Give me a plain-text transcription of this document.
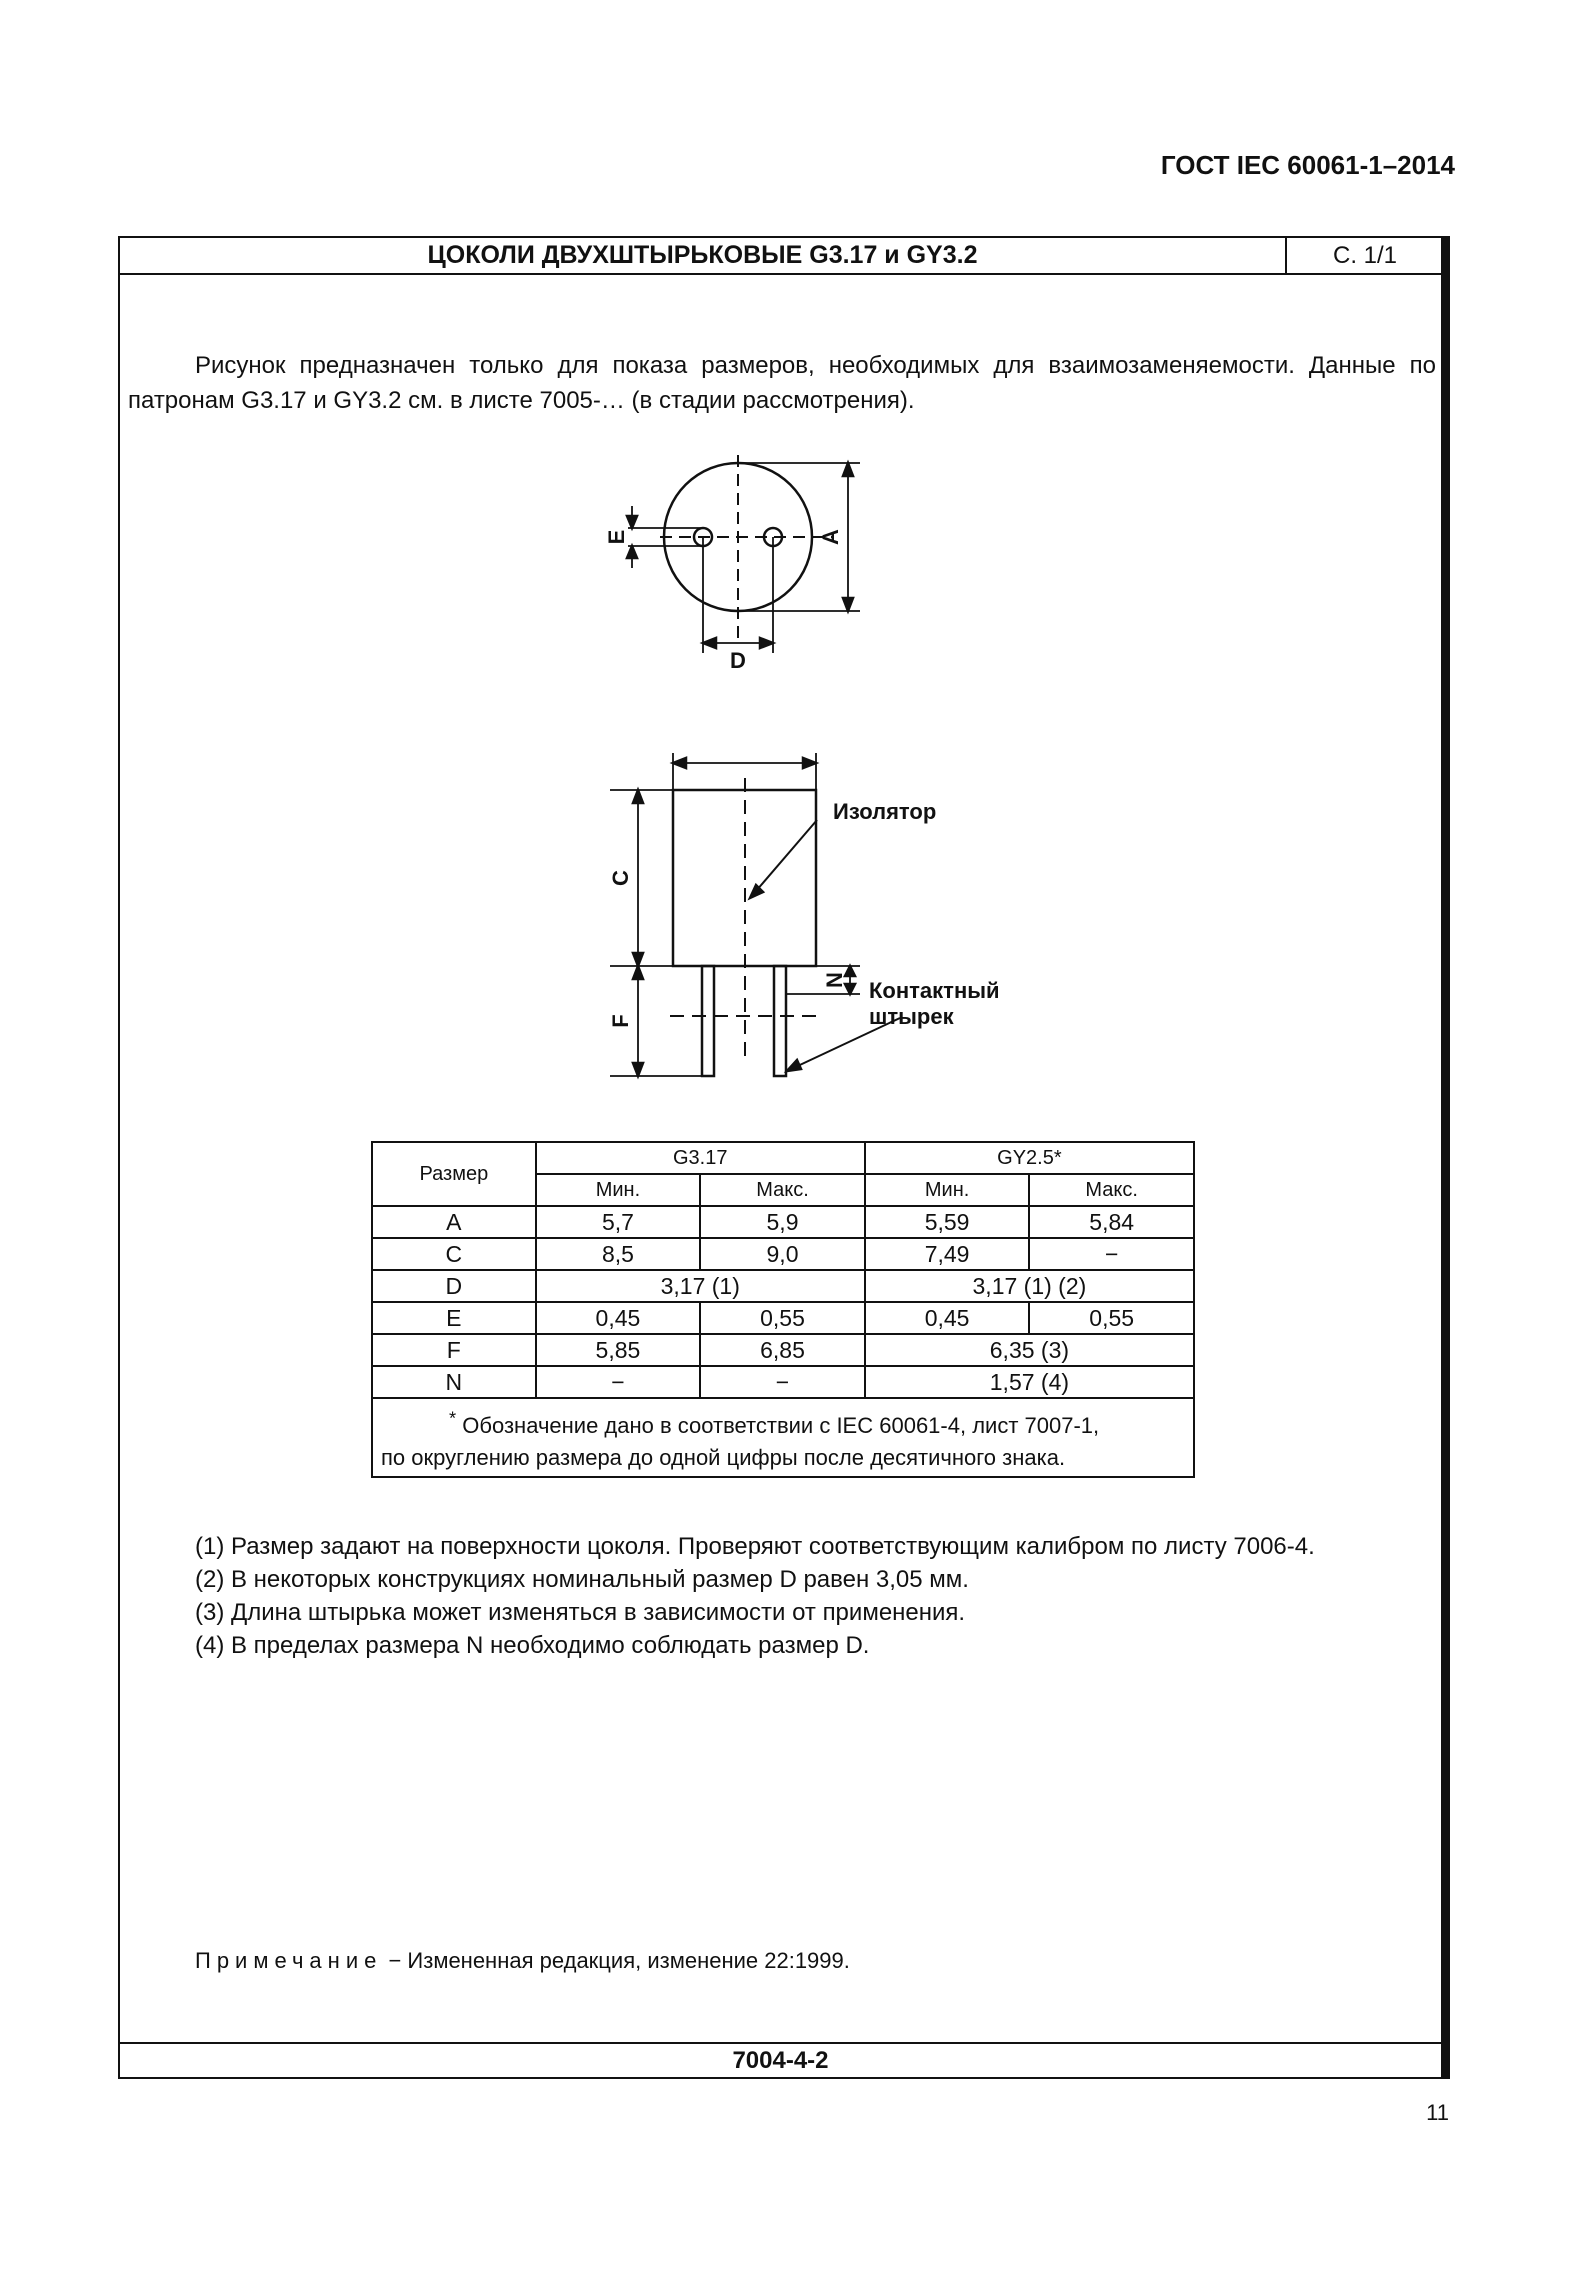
ГОСТ IEC 60061-1–2014
ЦОКОЛИ ДВУХШТЫРЬКОВЫЕ G3.17 и GY3.2	С. 1/1

Рисунок предназначен только для показа размеров, необходимых для взаимозаменяемости. Данные по патронам G3.17 и GY3.2 см. в листе 7005-… (в стадии рассмотрения).

E	A
D
C
F
N
Изолятор
Контактный
штырек
Размер	G3.17		GY2.5*	
	Мин.	Макс.	Мин.	Макс.
A	5,7	5,9	5,59	5,84
C	8,5	9,0	7,49	−
D	3,17 (1)		3,17 (1) (2)	
E	0,45	0,55	0,45	0,55
F	5,85	6,85	6,35 (3)	
N	−	−	1,57 (4)	
* Обозначение дано в соответствии с IEC 60061-4, лист 7007-1,
по округлению размера до одной цифры после десятичного знака.				

(1) Размер задают на поверхности цоколя. Проверяют соответствующим калибром по листу 7006-4.

(2) В некоторых конструкциях номинальный размер D равен 3,05 мм.

(3) Длина штырька может изменяться в зависимости от применения.

(4) В пределах размера N необходимо соблюдать размер D.

Примечание − Измененная редакция, изменение 22:1999.
7004-4-2
11
